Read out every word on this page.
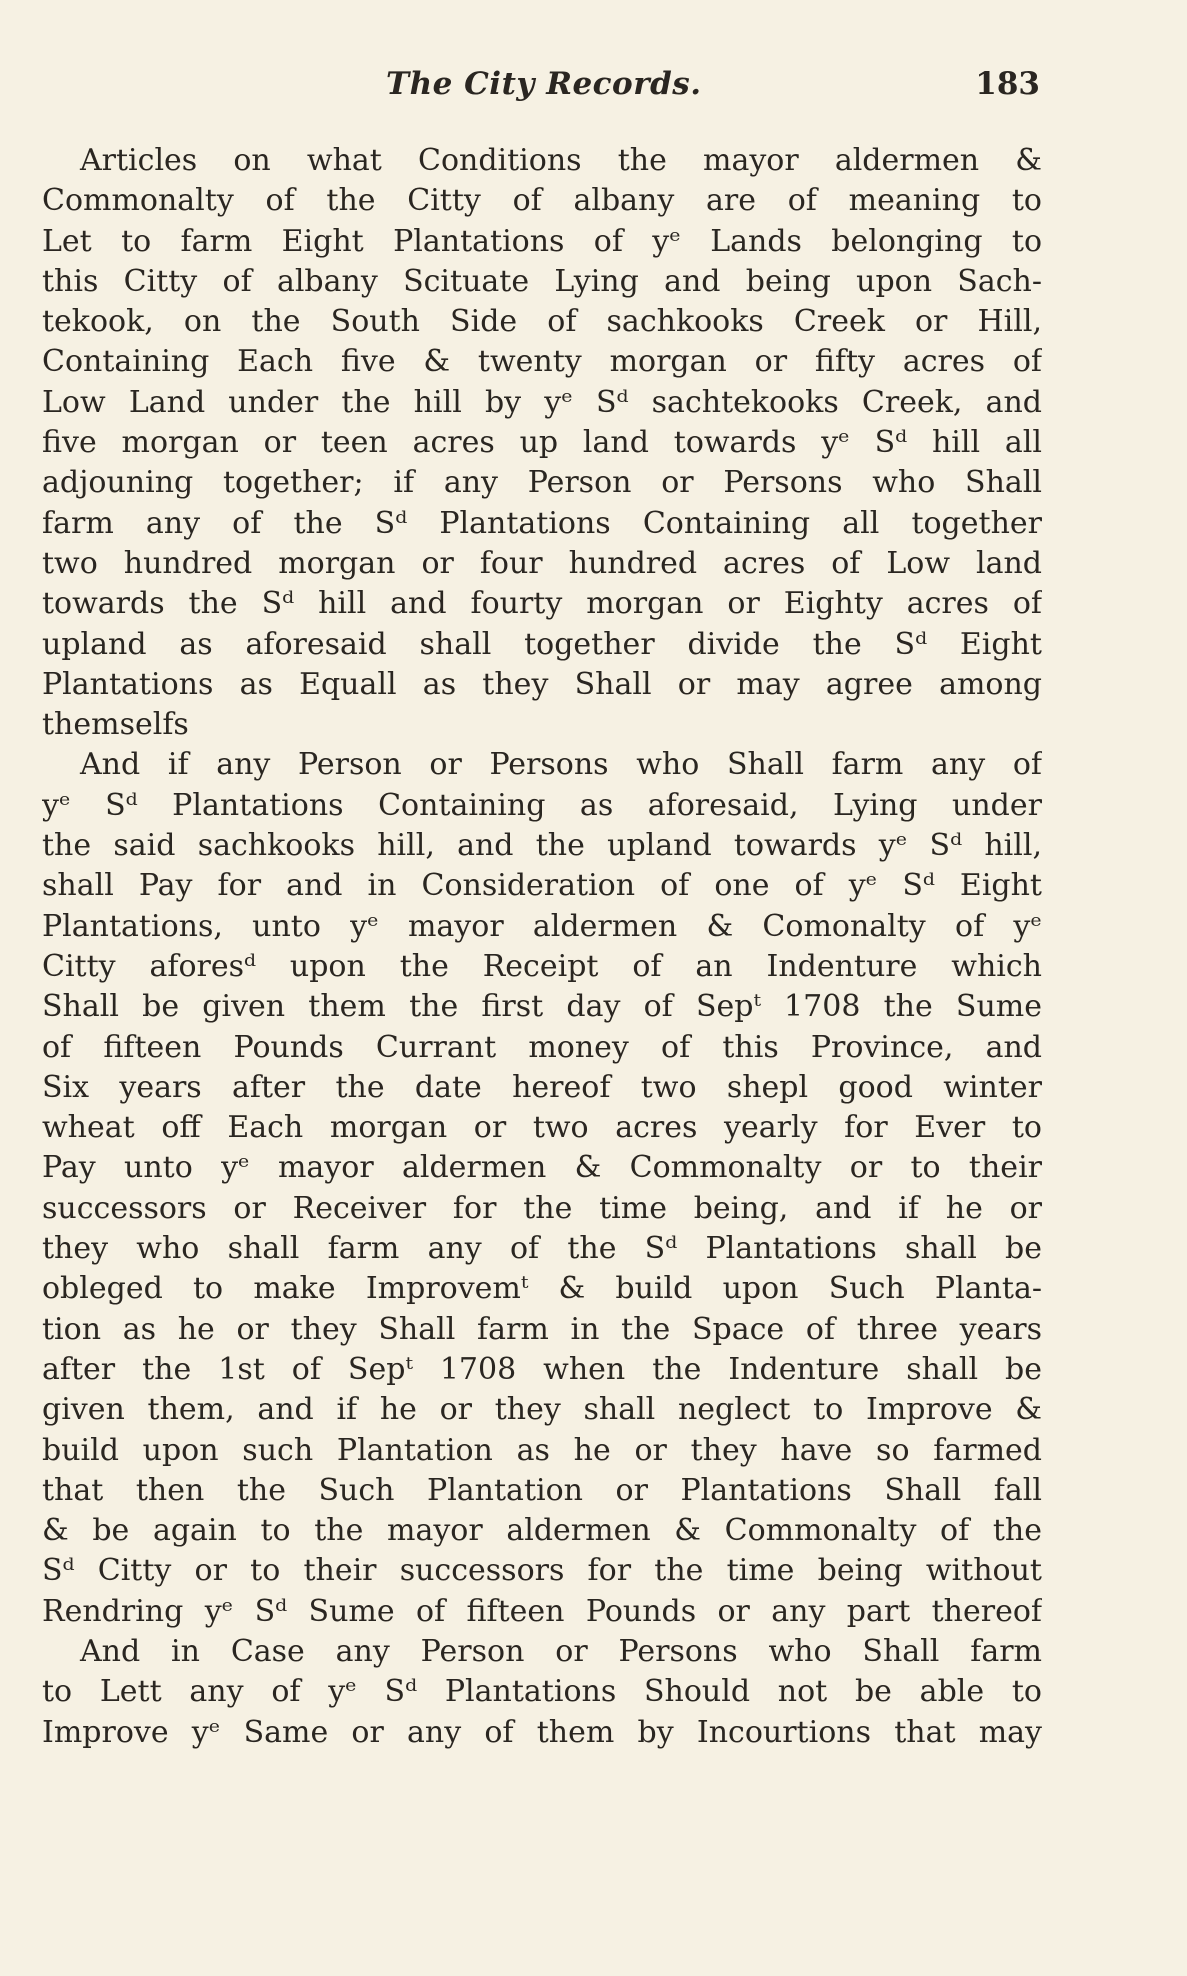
The City Records.	183
Articles on what Conditions the mayor aldermen &
Commonalty of the Citty of albany are of meaning to
Let to farm Eight Plantations of yᵉ Lands belonging to
this Citty of albany Scituate Lying and being upon Sach-
tekook, on the South Side of sachkooks Creek or Hill,
Containing Each five & twenty morgan or fifty acres of
Low Land under the hill by yᵉ Sᵈ sachtekooks Creek, and
five morgan or teen acres up land towards yᵉ Sᵈ hill all
adjouning together; if any Person or Persons who Shall
farm any of the Sᵈ Plantations Containing all together
two hundred morgan or four hundred acres of Low land
towards the Sᵈ hill and fourty morgan or Eighty acres of
upland as aforesaid shall together divide the Sᵈ Eight
Plantations as Equall as they Shall or may agree among
themselfs
And if any Person or Persons who Shall farm any of
yᵉ Sᵈ Plantations Containing as aforesaid, Lying under
the said sachkooks hill, and the upland towards yᵉ Sᵈ hill,
shall Pay for and in Consideration of one of yᵉ Sᵈ Eight
Plantations, unto yᵉ mayor aldermen & Comonalty of yᵉ
Citty aforesᵈ upon the Receipt of an Indenture which
Shall be given them the first day of Sepᵗ 1708 the Sume
of fifteen Pounds Currant money of this Province, and
Six years after the date hereof two shepl good winter
wheat off Each morgan or two acres yearly for Ever to
Pay unto yᵉ mayor aldermen & Commonalty or to their
successors or Receiver for the time being, and if he or
they who shall farm any of the Sᵈ Plantations shall be
obleged to make Improvemᵗ & build upon Such Planta-
tion as he or they Shall farm in the Space of three years
after the 1st of Sepᵗ 1708 when the Indenture shall be
given them, and if he or they shall neglect to Improve &
build upon such Plantation as he or they have so farmed
that then the Such Plantation or Plantations Shall fall
& be again to the mayor aldermen & Commonalty of the
Sᵈ Citty or to their successors for the time being without
Rendring yᵉ Sᵈ Sume of fifteen Pounds or any part thereof
And in Case any Person or Persons who Shall farm
to Lett any of yᵉ Sᵈ Plantations Should not be able to
Improve yᵉ Same or any of them by Incourtions that may
